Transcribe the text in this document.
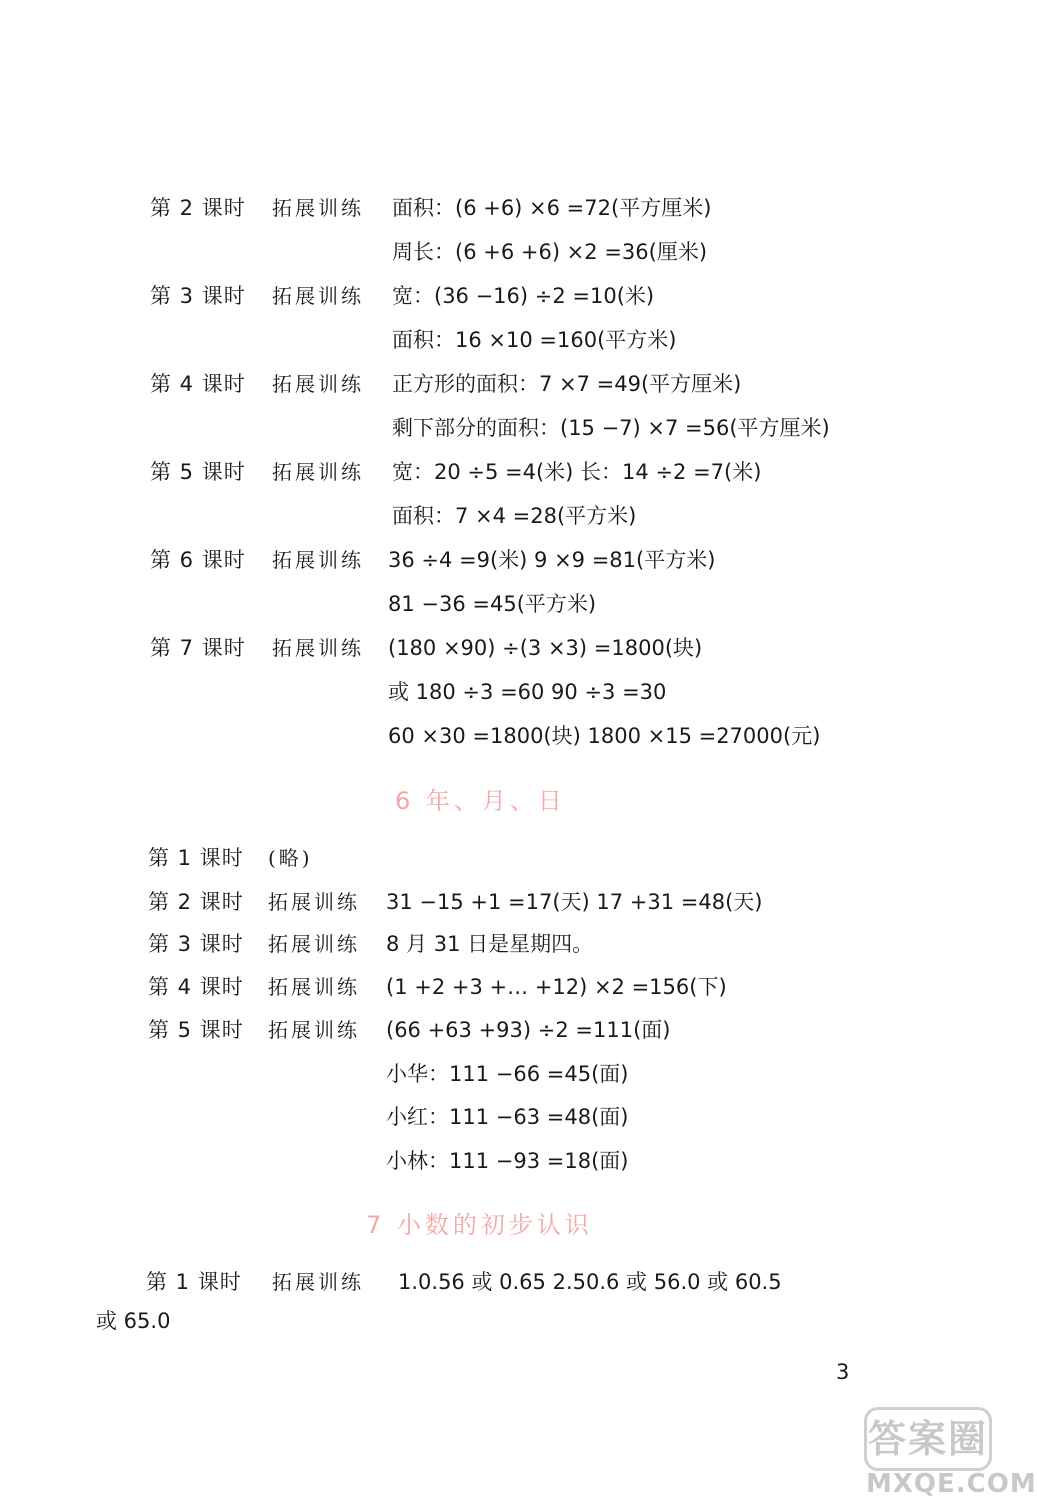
第 2 课时 拓展训练 面积：(6 +6) ×6 =72(平方厘米)
周长：(6 +6 +6) ×2 =36(厘米)
第 3 课时 拓展训练 宽：(36 −16) ÷2 =10(米)
面积：16 ×10 =160(平方米)
第 4 课时 拓展训练 正方形的面积：7 ×7 =49(平方厘米)
剩下部分的面积：(15 −7) ×7 =56(平方厘米)
第 5 课时 拓展训练 宽：20 ÷5 =4(米) 长：14 ÷2 =7(米)
面积：7 ×4 =28(平方米)
第 6 课时 拓展训练 36 ÷4 =9(米) 9 ×9 =81(平方米)
81 −36 =45(平方米)
第 7 课时 拓展训练 (180 ×90) ÷(3 ×3) =1800(块)
或 180 ÷3 =60 90 ÷3 =30
60 ×30 =1800(块) 1800 ×15 =27000(元)
6 年、月、日
第 1 课时 (略)
第 2 课时 拓展训练 31 −15 +1 =17(天) 17 +31 =48(天)
第 3 课时 拓展训练 8 月 31 日是星期四。
第 4 课时 拓展训练 (1 +2 +3 +… +12) ×2 =156(下)
第 5 课时 拓展训练 (66 +63 +93) ÷2 =111(面)
小华：111 −66 =45(面)
小红：111 −63 =48(面)
小林：111 −93 =18(面)
7 小数的初步认识
第 1 课时 拓展训练 1.0.56 或 0.65 2.50.6 或 56.0 或 60.5
或 65.0
3
答案圈
MXQE.COM
